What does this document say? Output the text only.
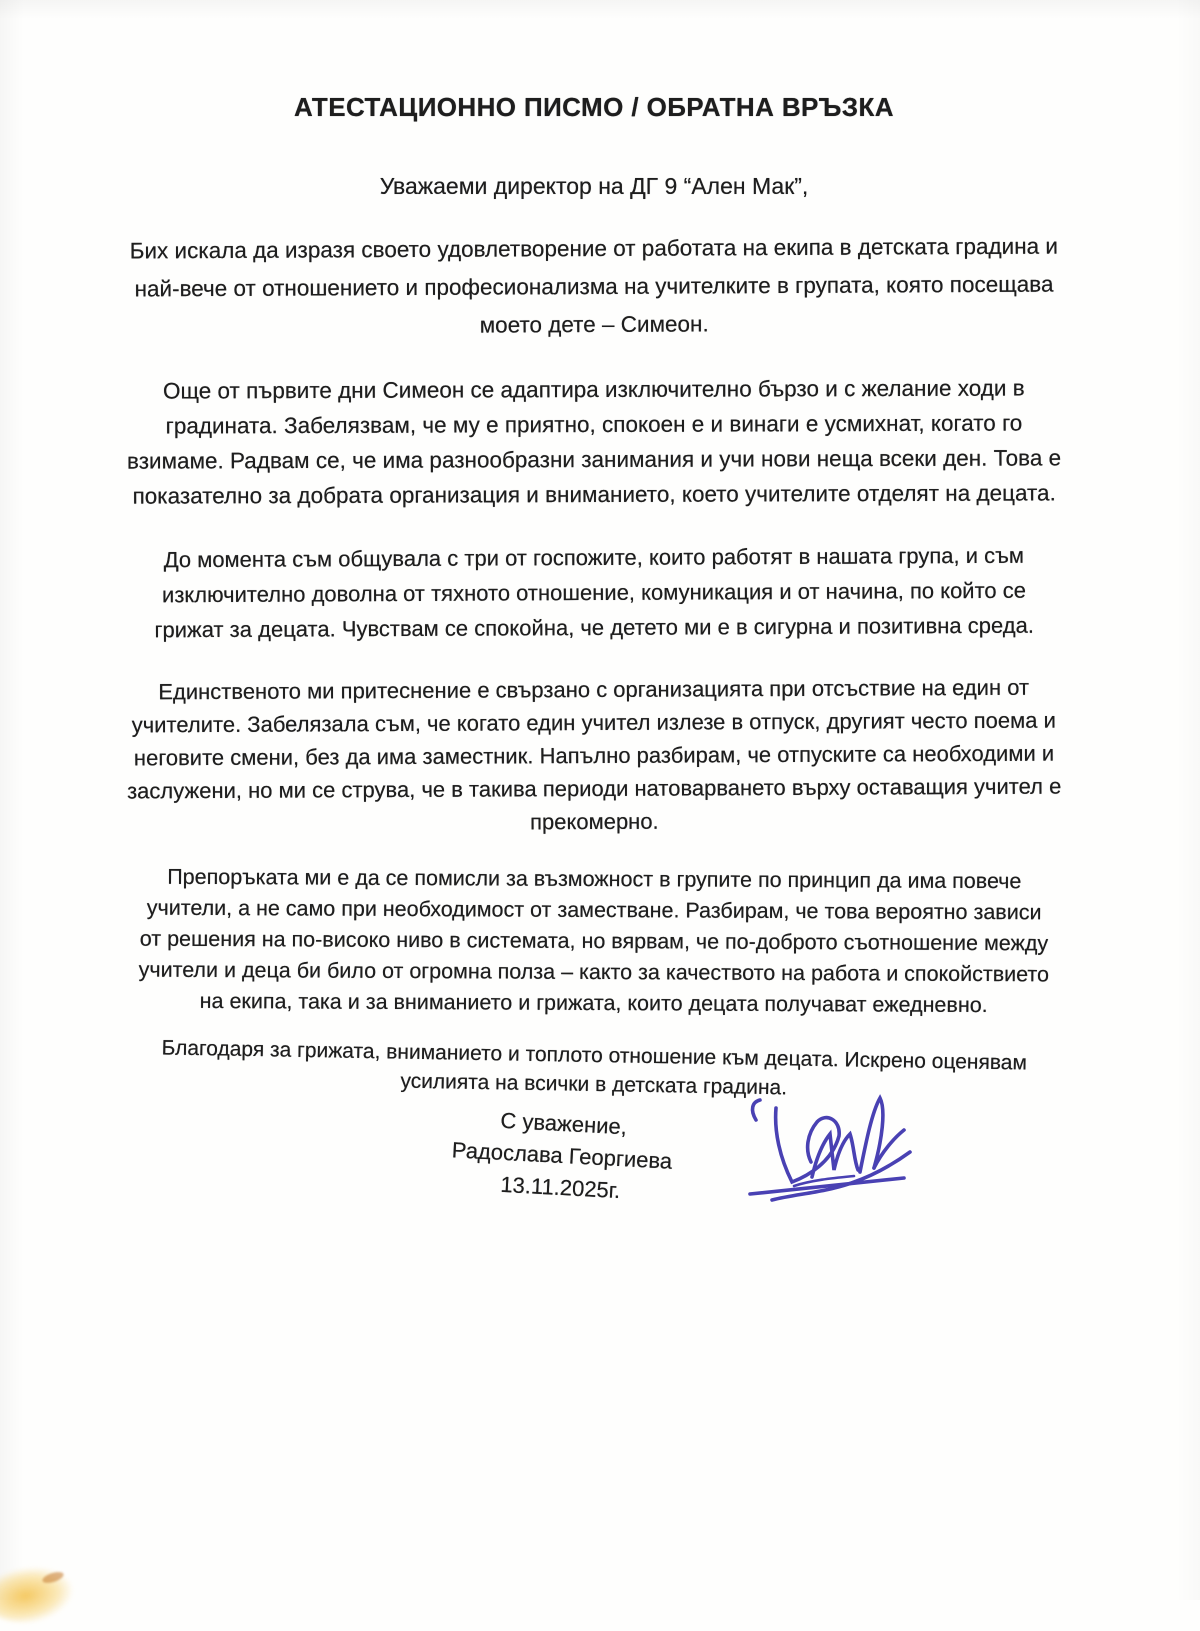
АТЕСТАЦИОННО ПИСМО / ОБРАТНА ВРЪЗКА
Уважаеми директор на ДГ 9 “Ален Мак”,
Бих искала да изразя своето удовлетворение от работата на екипа в детската градина и
най-вече от отношението и професионализма на учителките в групата, която посещава
моето дете – Симеон.
Още от първите дни Симеон се адаптира изключително бързо и с желание ходи в
градината. Забелязвам, че му е приятно, спокоен е и винаги е усмихнат, когато го
взимаме. Радвам се, че има разнообразни занимания и учи нови неща всеки ден. Това е
показателно за добрата организация и вниманието, което учителите отделят на децата.
До момента съм общувала с три от госпожите, които работят в нашата група, и съм
изключително доволна от тяхното отношение, комуникация и от начина, по който се
грижат за децата. Чувствам се спокойна, че детето ми е в сигурна и позитивна среда.
Единственото ми притеснение е свързано с организацията при отсъствие на един от
учителите. Забелязала съм, че когато един учител излезе в отпуск, другият често поема и
неговите смени, без да има заместник. Напълно разбирам, че отпуските са необходими и
заслужени, но ми се струва, че в такива периоди натоварването върху оставащия учител е
прекомерно.
Препоръката ми е да се помисли за възможност в групите по принцип да има повече
учители, а не само при необходимост от заместване. Разбирам, че това вероятно зависи
от решения на по-високо ниво в системата, но вярвам, че по-доброто съотношение между
учители и деца би било от огромна полза – както за качеството на работа и спокойствието
на екипа, така и за вниманието и грижата, които децата получават ежедневно.
Благодаря за грижата, вниманието и топлото отношение към децата. Искрено оценявам
усилията на всички в детската градина.
С уважение,
Радослава Георгиева
13.11.2025г.
